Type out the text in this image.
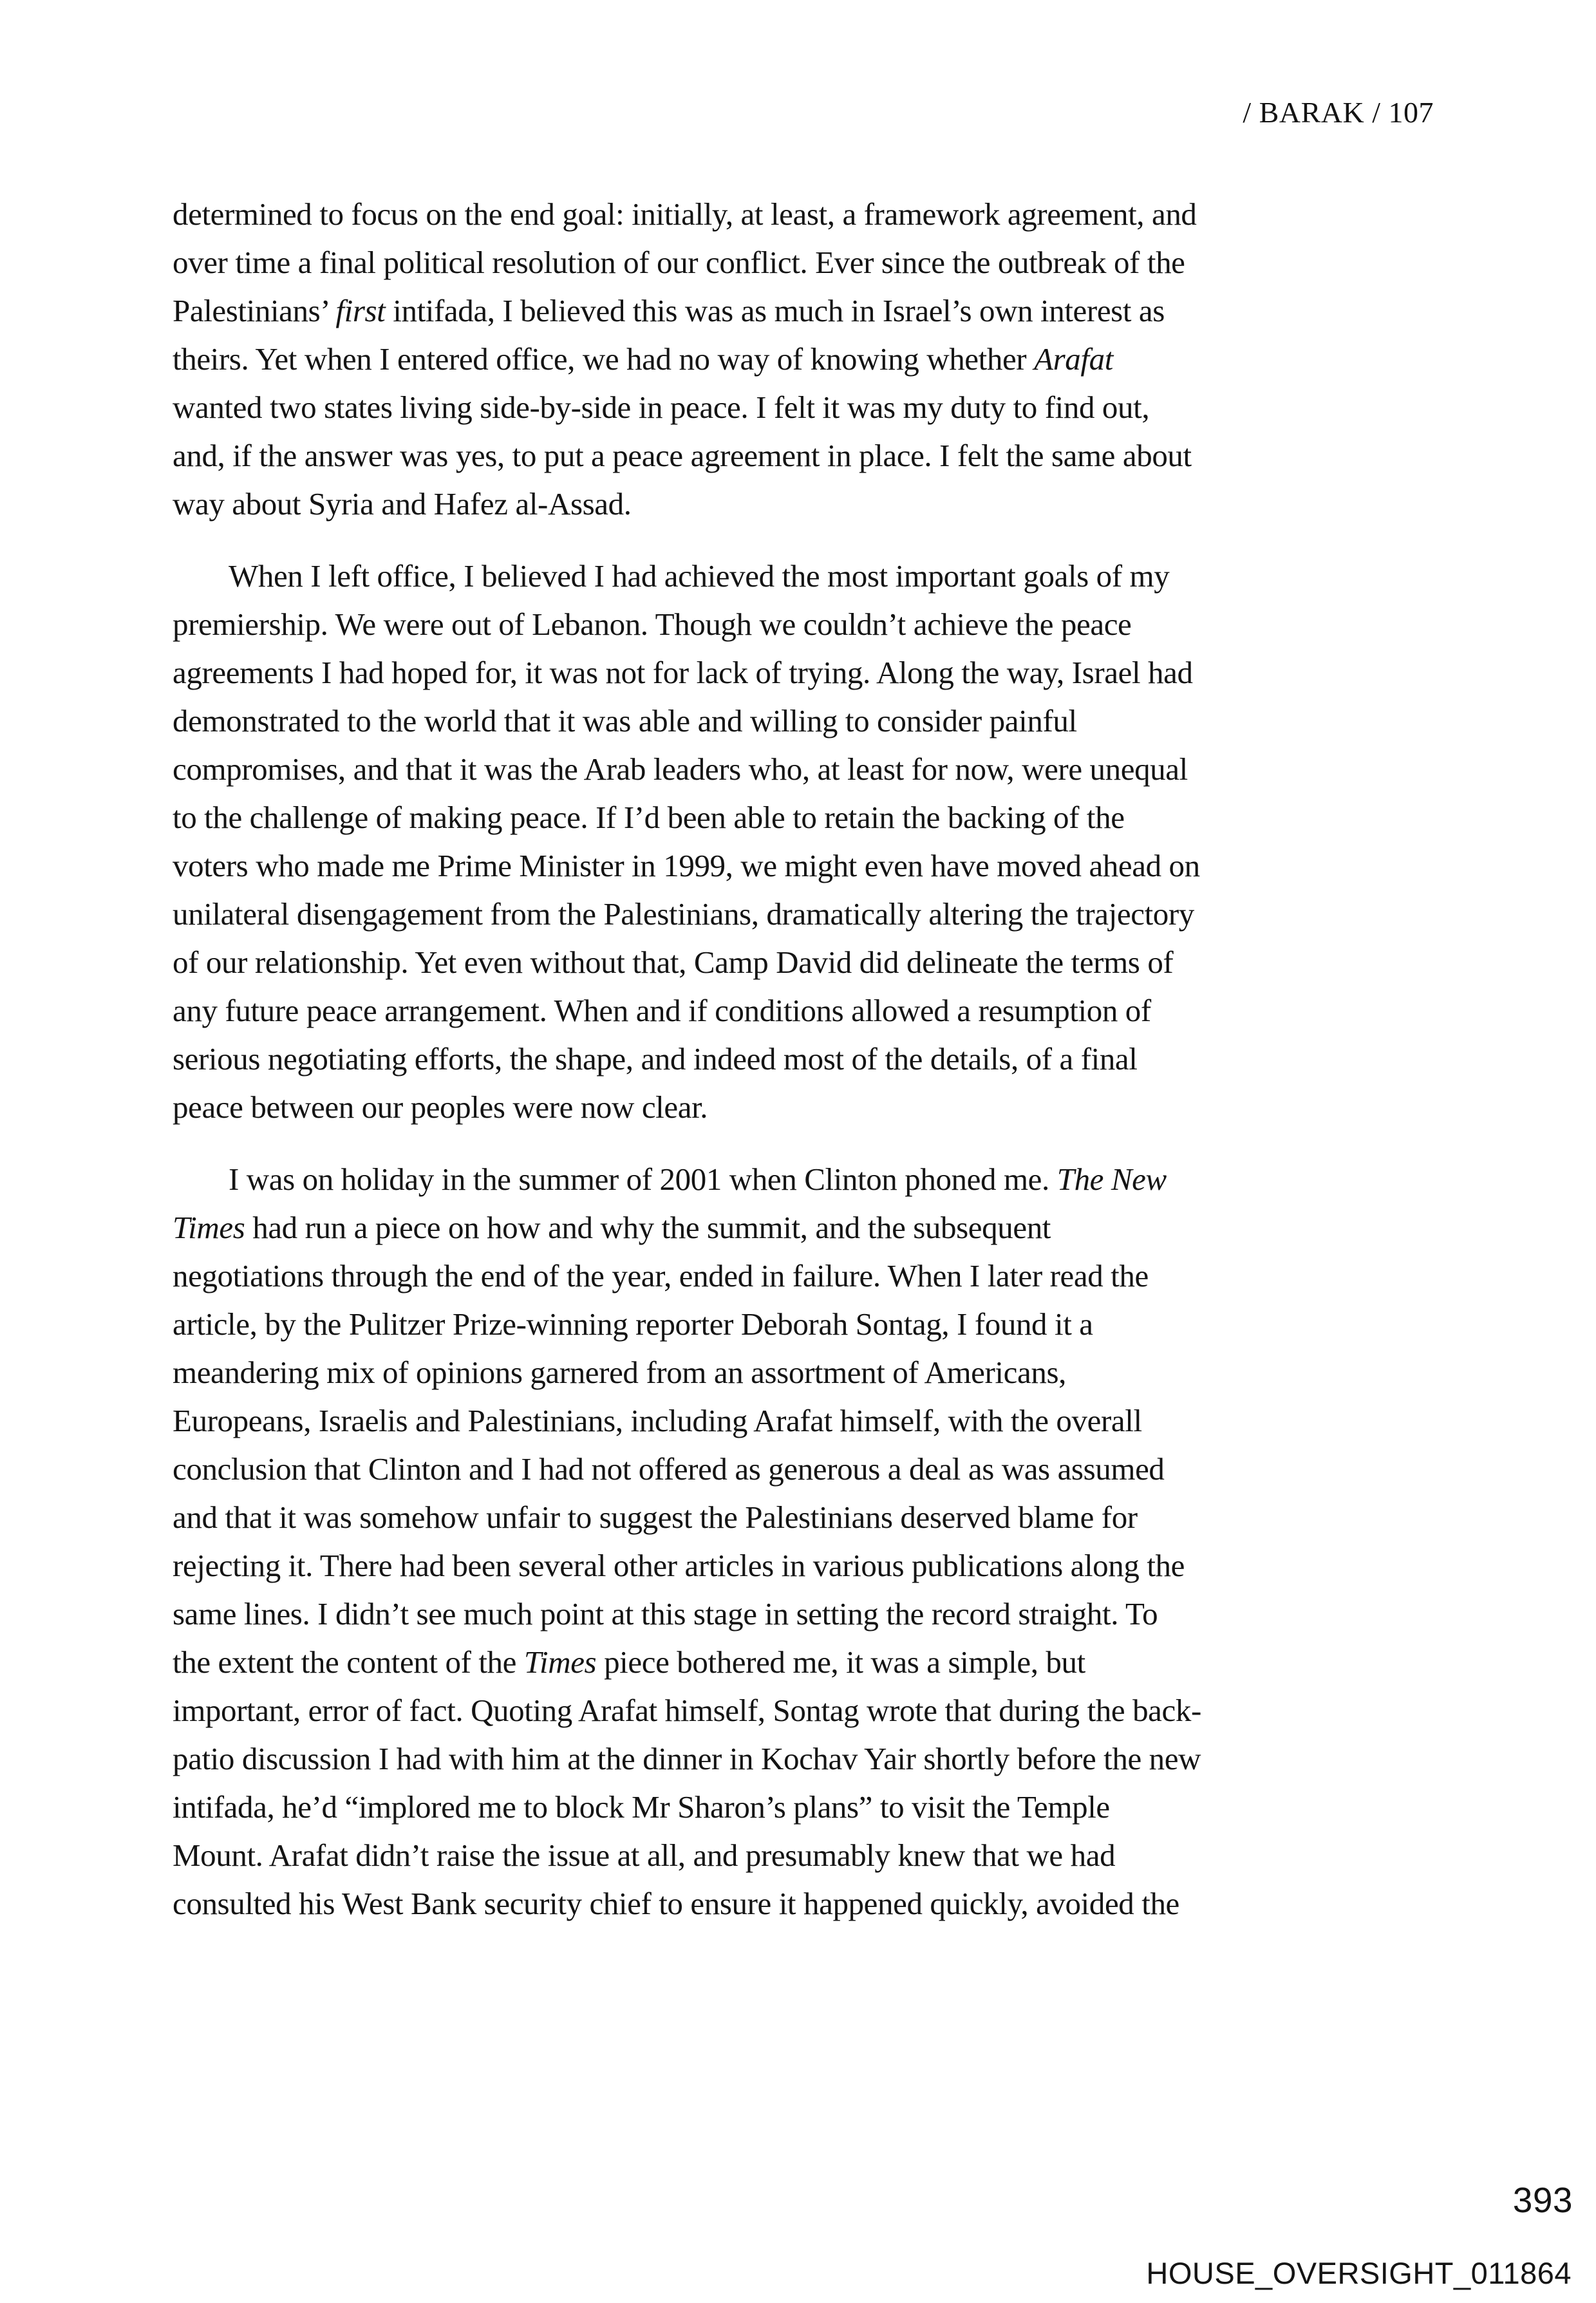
/ BARAK / 107
determined to focus on the end goal: initially, at least, a framework agreement, and
over time a final political resolution of our conflict. Ever since the outbreak of the
Palestinians’ first intifada, I believed this was as much in Israel’s own interest as
theirs. Yet when I entered office, we had no way of knowing whether Arafat
wanted two states living side-by-side in peace. I felt it was my duty to find out,
and, if the answer was yes, to put a peace agreement in place. I felt the same about
way about Syria and Hafez al-Assad.
When I left office, I believed I had achieved the most important goals of my
premiership. We were out of Lebanon. Though we couldn’t achieve the peace
agreements I had hoped for, it was not for lack of trying. Along the way, Israel had
demonstrated to the world that it was able and willing to consider painful
compromises, and that it was the Arab leaders who, at least for now, were unequal
to the challenge of making peace. If I’d been able to retain the backing of the
voters who made me Prime Minister in 1999, we might even have moved ahead on
unilateral disengagement from the Palestinians, dramatically altering the trajectory
of our relationship. Yet even without that, Camp David did delineate the terms of
any future peace arrangement. When and if conditions allowed a resumption of
serious negotiating efforts, the shape, and indeed most of the details, of a final
peace between our peoples were now clear.
I was on holiday in the summer of 2001 when Clinton phoned me. The New
Times had run a piece on how and why the summit, and the subsequent
negotiations through the end of the year, ended in failure. When I later read the
article, by the Pulitzer Prize-winning reporter Deborah Sontag, I found it a
meandering mix of opinions garnered from an assortment of Americans,
Europeans, Israelis and Palestinians, including Arafat himself, with the overall
conclusion that Clinton and I had not offered as generous a deal as was assumed
and that it was somehow unfair to suggest the Palestinians deserved blame for
rejecting it. There had been several other articles in various publications along the
same lines. I didn’t see much point at this stage in setting the record straight. To
the extent the content of the Times piece bothered me, it was a simple, but
important, error of fact. Quoting Arafat himself, Sontag wrote that during the back-
patio discussion I had with him at the dinner in Kochav Yair shortly before the new
intifada, he’d “implored me to block Mr Sharon’s plans” to visit the Temple
Mount. Arafat didn’t raise the issue at all, and presumably knew that we had
consulted his West Bank security chief to ensure it happened quickly, avoided the
393
HOUSE_OVERSIGHT_011864
